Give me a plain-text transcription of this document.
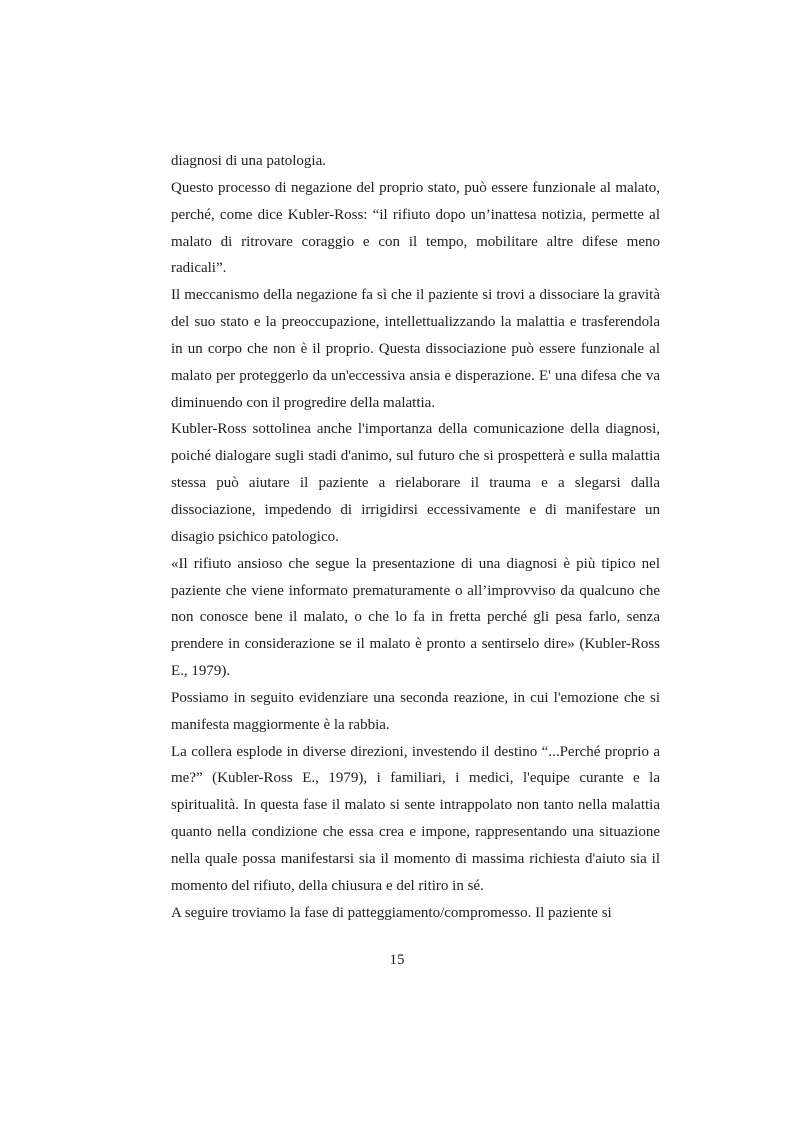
diagnosi di una patologia.

Questo processo di negazione del proprio stato, può essere funzionale al malato, perché, come dice Kubler-Ross: “il rifiuto dopo un’inattesa notizia, permette al malato di ritrovare coraggio e con il tempo, mobilitare altre difese meno radicali”.

Il meccanismo della negazione fa sì che il paziente si trovi a dissociare la gravità del suo stato e la preoccupazione, intellettualizzando la malattia e trasferendola in un corpo che non è il proprio. Questa dissociazione può essere funzionale al malato per proteggerlo da un'eccessiva ansia e disperazione. E' una difesa che va diminuendo con il progredire della malattia.

Kubler-Ross sottolinea anche l'importanza della comunicazione della diagnosi, poiché dialogare sugli stadi d'animo, sul futuro che si prospetterà e sulla malattia stessa può aiutare il paziente a rielaborare il trauma e a slegarsi dalla dissociazione, impedendo di irrigidirsi eccessivamente e di manifestare un disagio psichico patologico.

«Il rifiuto ansioso che segue la presentazione di una diagnosi è più tipico nel paziente che viene informato prematuramente o all’improvviso da qualcuno che non conosce bene il malato, o che lo fa in fretta perché gli pesa farlo, senza prendere in considerazione se il malato è pronto a sentirselo dire» (Kubler-Ross E., 1979).

Possiamo in seguito evidenziare una seconda reazione, in cui l'emozione che si manifesta maggiormente è la rabbia.

La collera esplode in diverse direzioni, investendo il destino “...Perché proprio a me?” (Kubler-Ross E., 1979), i familiari, i medici, l'equipe curante e la spiritualità. In questa fase il malato si sente intrappolato non tanto nella malattia quanto nella condizione che essa crea e impone, rappresentando una situazione nella quale possa manifestarsi sia il momento di massima richiesta d'aiuto sia il momento del rifiuto, della chiusura e del ritiro in sé.

A seguire troviamo la fase di patteggiamento/compromesso. Il paziente si

15
